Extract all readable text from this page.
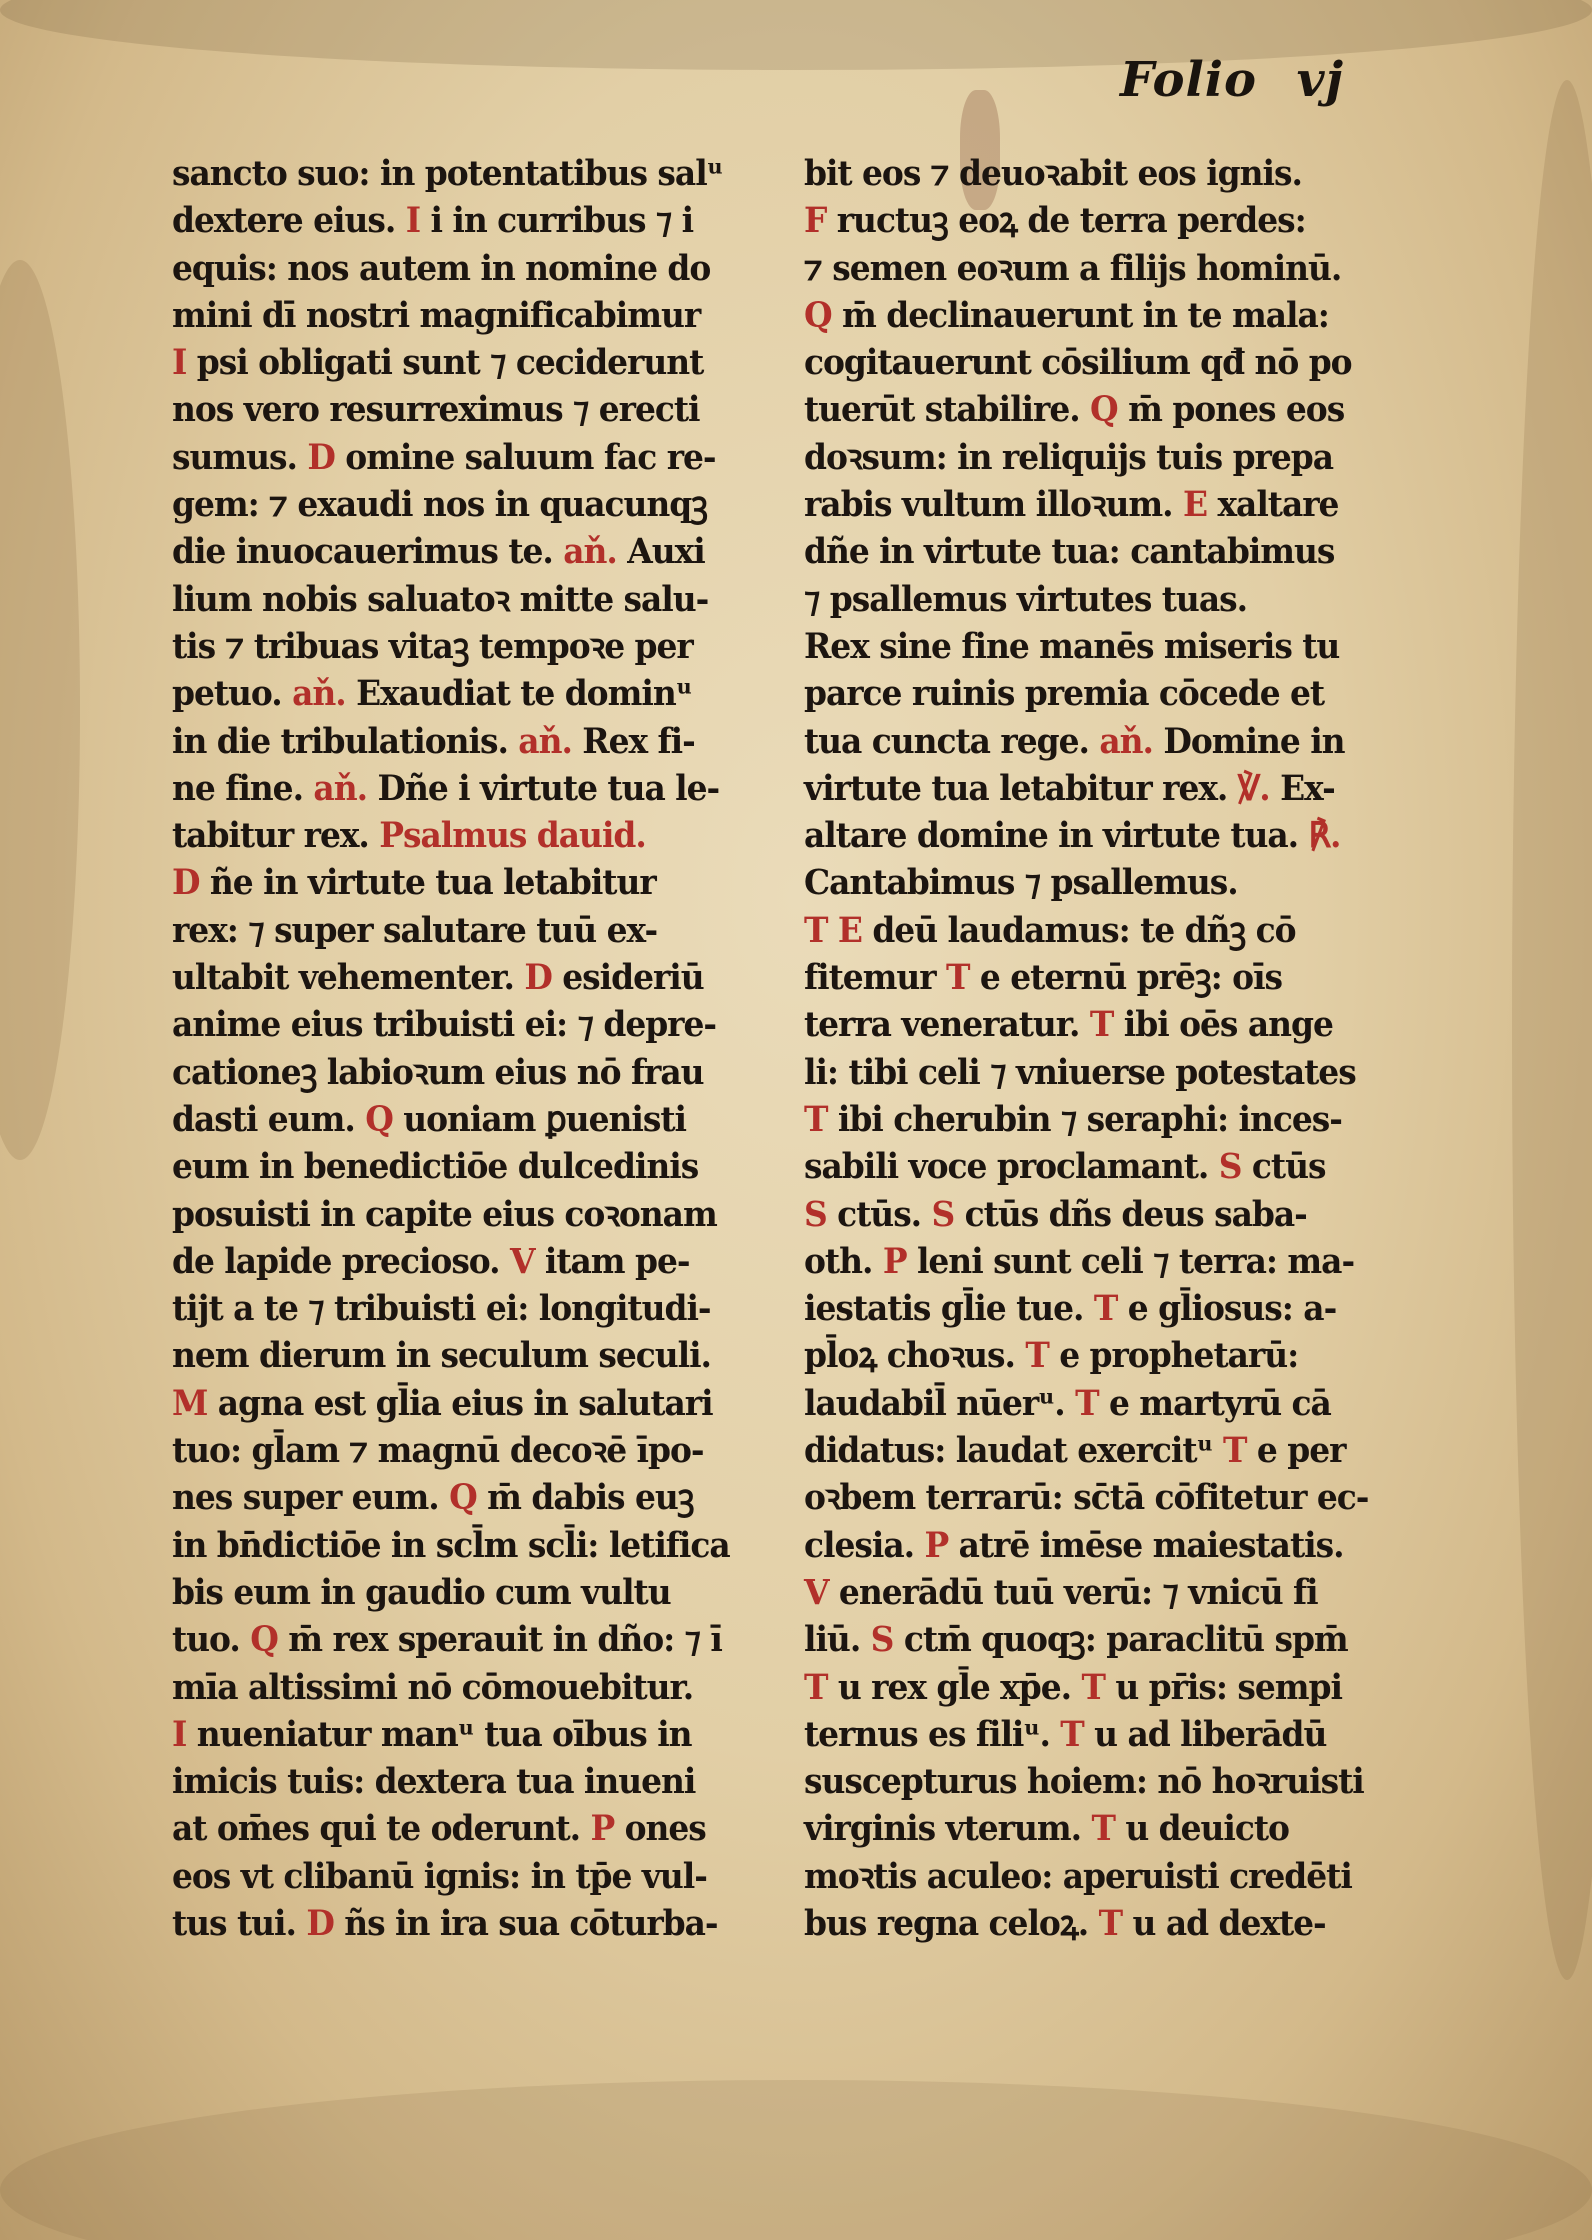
Folio vj
sancto suo: in potentatibus salᵘ
dextere eius. I i in curribus ⁊ i
equis: nos autem in nomine do
mini dī nostri magnificabimur
I psi obligati sunt ⁊ ceciderunt
nos vero resurreximus ⁊ erecti
sumus. D omine saluum fac re-
gem: ⁊ exaudi nos in quacunqꝫ
die inuocauerimus te. aň. Auxi
lium nobis saluatoꝛ mitte salu-
tis ⁊ tribuas vitaꝫ tempoꝛe per
petuo. aň. Exaudiat te dominᵘ
in die tribulationis. aň. Rex fi-
ne fine. aň. Dñe i virtute tua le-
tabitur rex. Psalmus dauid.
D ñe in virtute tua letabitur
rex: ⁊ super salutare tuū ex-
ultabit vehementer. D esideriū
anime eius tribuisti ei: ⁊ depre-
cationeꝫ labioꝛum eius nō frau
dasti eum. Q uoniam ꝑuenisti
eum in benedictiōe dulcedinis
posuisti in capite eius coꝛonam
de lapide precioso. V itam pe-
tijt a te ⁊ tribuisti ei: longitudi-
nem dierum in seculum seculi.
M agna est gl̄ia eius in salutari
tuo: gl̄am ⁊ magnū decoꝛē īpo-
nes super eum. Q m̄ dabis euꝫ
in bn̄dictiōe in scl̄m scl̄i: letifica
bis eum in gaudio cum vultu
tuo. Q m̄ rex sperauit in dño: ⁊ ī
mīa altissimi nō cōmouebitur.
I nueniatur manᵘ tua oībus in
imicis tuis: dextera tua inueni
at om̄es qui te oderunt. P ones
eos vt clibanū ignis: in tp̄e vul-
tus tui. D ñs in ira sua cōturba-
bit eos ⁊ deuoꝛabit eos ignis.
F ructuꝫ eoꝝ de terra perdes:
⁊ semen eoꝛum a filijs hominū.
Q m̄ declinauerunt in te mala:
cogitauerunt cōsilium qđ nō po
tuerūt stabilire. Q m̄ pones eos
doꝛsum: in reliquijs tuis prepa
rabis vultum illoꝛum. E xaltare
dñe in virtute tua: cantabimus
⁊ psallemus virtutes tuas.
Rex sine fine manēs miseris tu
parce ruinis premia cōcede et
tua cuncta rege. aň. Domine in
virtute tua letabitur rex. ℣. Ex-
altare domine in virtute tua. ℟.
Cantabimus ⁊ psallemus.
T E deū laudamus: te dñꝫ cō
fitemur T e eternū prēꝫ: oīs
terra veneratur. T ibi oēs ange
li: tibi celi ⁊ vniuerse potestates
T ibi cherubin ⁊ seraphi: inces-
sabili voce proclamant. S ctūs
S ctūs. S ctūs dñs deus saba-
oth. P leni sunt celi ⁊ terra: ma-
iestatis gl̄ie tue. T e gl̄iosus: a-
pl̄oꝝ choꝛus. T e prophetarū:
laudabil̄ nūerᵘ. T e martyrū cā
didatus: laudat exercitᵘ T e per
oꝛbem terrarū: sc̄tā cōfitetur ec-
clesia. P atrē imēse maiestatis.
V enerādū tuū verū: ⁊ vnicū fi
liū. S ctm̄ quoqꝫ: paraclitū spm̄
T u rex gl̄e xp̄e. T u pr̄is: sempi
ternus es filiᵘ. T u ad liberādū
suscepturus hoiem: nō hoꝛruisti
virginis vterum. T u deuicto
moꝛtis aculeo: aperuisti credēti
bus regna celoꝝ. T u ad dexte-
